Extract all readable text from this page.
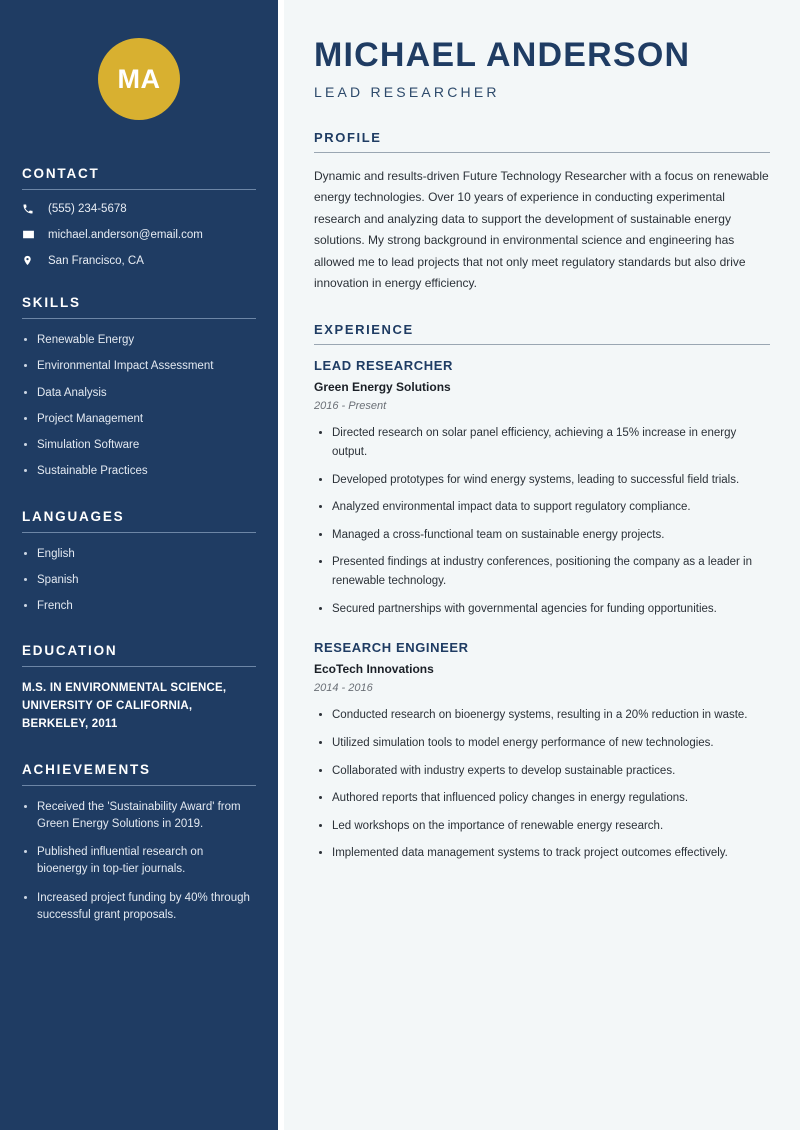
MA
CONTACT
(555) 234-5678
michael.anderson@email.com
San Francisco, CA
SKILLS
Renewable Energy
Environmental Impact Assessment
Data Analysis
Project Management
Simulation Software
Sustainable Practices
LANGUAGES
English
Spanish
French
EDUCATION
M.S. IN ENVIRONMENTAL SCIENCE, UNIVERSITY OF CALIFORNIA, BERKELEY, 2011
ACHIEVEMENTS
Received the 'Sustainability Award' from Green Energy Solutions in 2019.
Published influential research on bioenergy in top-tier journals.
Increased project funding by 40% through successful grant proposals.
MICHAEL ANDERSON
LEAD RESEARCHER
PROFILE

Dynamic and results-driven Future Technology Researcher with a focus on renewable energy technologies. Over 10 years of experience in conducting experimental research and analyzing data to support the development of sustainable energy solutions. My strong background in environmental science and engineering has allowed me to lead projects that not only meet regulatory standards but also drive innovation in energy efficiency.

EXPERIENCE
LEAD RESEARCHER
Green Energy Solutions
2016 - Present
Directed research on solar panel efficiency, achieving a 15% increase in energy output.
Developed prototypes for wind energy systems, leading to successful field trials.
Analyzed environmental impact data to support regulatory compliance.
Managed a cross-functional team on sustainable energy projects.
Presented findings at industry conferences, positioning the company as a leader in renewable technology.
Secured partnerships with governmental agencies for funding opportunities.
RESEARCH ENGINEER
EcoTech Innovations
2014 - 2016
Conducted research on bioenergy systems, resulting in a 20% reduction in waste.
Utilized simulation tools to model energy performance of new technologies.
Collaborated with industry experts to develop sustainable practices.
Authored reports that influenced policy changes in energy regulations.
Led workshops on the importance of renewable energy research.
Implemented data management systems to track project outcomes effectively.
